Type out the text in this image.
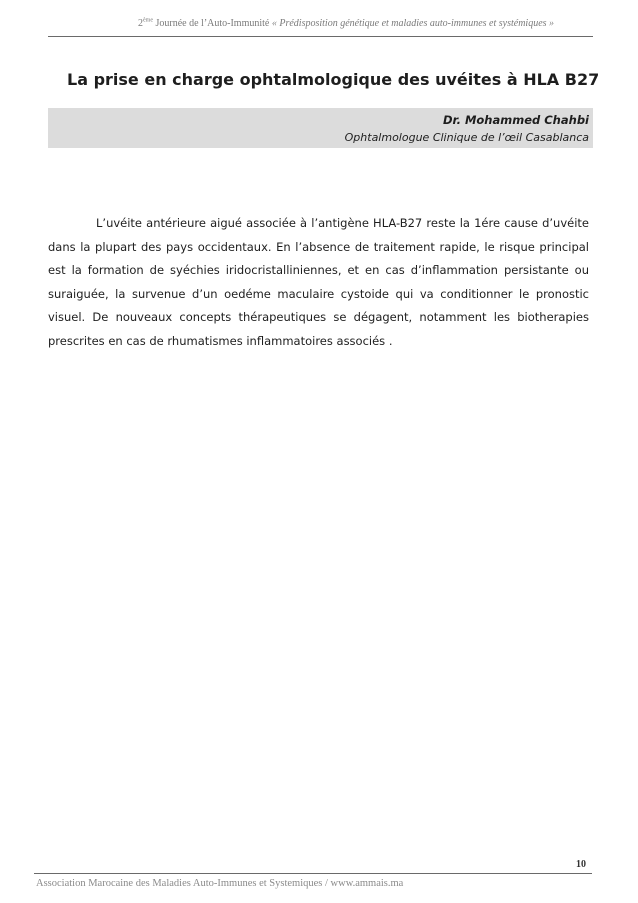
2ème Journée de l’Auto-Immunité « Prédisposition génétique et maladies auto-immunes et systémiques »
La prise en charge ophtalmologique des uvéites à HLA B27
Dr. Mohammed Chahbi
Ophtalmologue Clinique de l’œil Casablanca

L’uvéite antérieure aigué associée à l’antigène HLA-B27 reste la 1ére cause d’uvéite dans la plupart des pays occidentaux. En l’absence de traitement rapide, le risque principal est la formation de syéchies iridocristalliniennes, et en cas d’inflammation persistante ou suraiguée, la survenue d’un oedéme maculaire cystoide qui va conditionner le pronostic visuel. De nouveaux concepts thérapeutiques se dégagent, notamment les biotherapies prescrites en cas de rhumatismes inflammatoires associés .

10
Association Marocaine des Maladies Auto-Immunes et Systemiques / www.ammais.ma
